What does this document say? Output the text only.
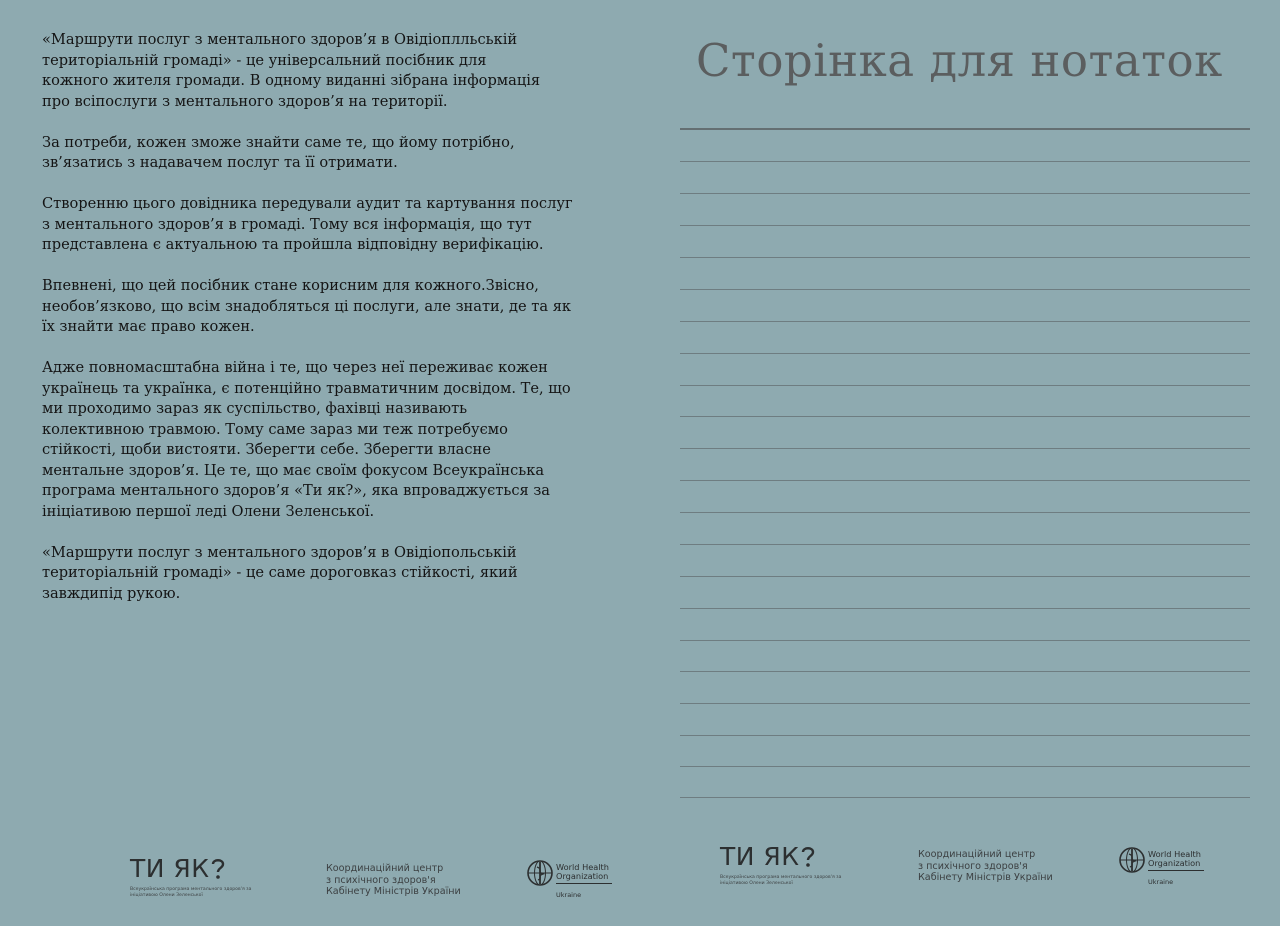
«Маршрути послуг з ментального здоров’я в Овідіоплльській
територіальній громаді» - це універсальний посібник для
кожного жителя громади. В одному виданні зібрана інформація
про всіпослуги з ментального здоров’я на території.

За потреби, кожен зможе знайти саме те, що йому потрібно,
зв’язатись з надавачем послуг та її отримати.

Створенню цього довідника передували аудит та картування послуг
з ментального здоров’я в громаді. Тому вся інформація, що тут
представлена є актуальною та пройшла відповідну верифікацію.

Впевнені, що цей посібник стане корисним для кожного.Звісно,
необов’язково, що всім знадобляться ці послуги, але знати, де та як
їх знайти має право кожен.

Адже повномасштабна війна і те, що через неї переживає кожен
українець та українка, є потенційно травматичним досвідом. Те, що
ми проходимо зараз як суспільство, фахівці називають
колективною травмою. Тому саме зараз ми теж потребуємо
стійкості, щоби вистояти. Зберегти себе. Зберегти власне
ментальне здоров’я. Це те, що має своїм фокусом Всеукраїнська
програма ментального здоров’я «Ти як?», яка впроваджується за
ініціативою першої леді Олени Зеленської.

«Маршрути послуг з ментального здоров’я в Овідіопольській
територіальній громаді» - це саме дороговказ стійкості, який
завждипід рукою.

ТИ ЯК
Всеукраїнська програма ментального здоров'я за ініціативою Олени Зеленської
Координаційний центр
з психічного здоров'я
Кабінету Міністрів України
World Health
Organization
Ukraine
Сторінка для нотаток
ТИ ЯК
Всеукраїнська програма ментального здоров'я за ініціативою Олени Зеленської
Координаційний центр
з психічного здоров'я
Кабінету Міністрів України
World Health
Organization
Ukraine
